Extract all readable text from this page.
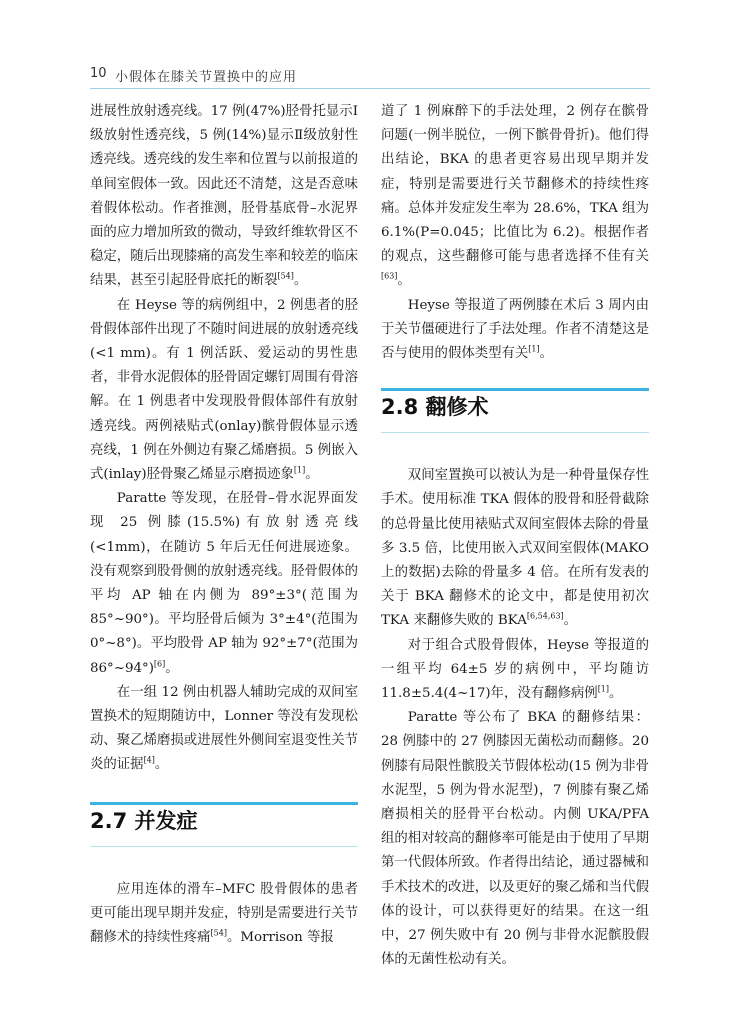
10 小假体在膝关节置换中的应用

进展性放射透亮线。17 例(47%)胫骨托显示Ⅰ级放射性透亮线，5 例(14%)显示Ⅱ级放射性透亮线。透亮线的发生率和位置与以前报道的单间室假体一致。因此还不清楚，这是否意味着假体松动。作者推测，胫骨基底骨–水泥界面的应力增加所致的微动，导致纤维软骨区不稳定，随后出现膝痛的高发生率和较差的临床结果，甚至引起胫骨底托的断裂[54]。

在 Heyse 等的病例组中，2 例患者的胫骨假体部件出现了不随时间进展的放射透亮线(<1 mm)。有 1 例活跃、爱运动的男性患者，非骨水泥假体的胫骨固定螺钉周围有骨溶解。在 1 例患者中发现股骨假体部件有放射透亮线。两例裱贴式(onlay)髌骨假体显示透亮线，1 例在外侧边有聚乙烯磨损。5 例嵌入式(inlay)胫骨聚乙烯显示磨损迹象[1]。

Paratte 等发现，在胫骨–骨水泥界面发现 25 例膝(15.5%)有放射透亮线(<1mm)，在随访 5 年后无任何进展迹象。没有观察到股骨侧的放射透亮线。胫骨假体的平均 AP 轴在内侧为 89°±3°(范围为 85°~90°)。平均胫骨后倾为 3°±4°(范围为 0°~8°)。平均股骨 AP 轴为 92°±7°(范围为 86°~94°)[6]。

在一组 12 例由机器人辅助完成的双间室置换术的短期随访中，Lonner 等没有发现松动、聚乙烯磨损或进展性外侧间室退变性关节炎的证据[4]。

2.7 并发症

应用连体的滑车–MFC 股骨假体的患者更可能出现早期并发症，特别是需要进行关节翻修术的持续性疼痛[54]。Morrison 等报

道了 1 例麻醉下的手法处理，2 例存在髌骨问题(一例半脱位，一例下髌骨骨折)。他们得出结论，BKA 的患者更容易出现早期并发症，特别是需要进行关节翻修术的持续性疼痛。总体并发症发生率为 28.6%，TKA 组为 6.1%(P=0.045；比值比为 6.2)。根据作者的观点，这些翻修可能与患者选择不佳有关[63]。

Heyse 等报道了两例膝在术后 3 周内由于关节僵硬进行了手法处理。作者不清楚这是否与使用的假体类型有关[1]。

2.8 翻修术

双间室置换可以被认为是一种骨量保存性手术。使用标准 TKA 假体的股骨和胫骨截除的总骨量比使用裱贴式双间室假体去除的骨量多 3.5 倍，比使用嵌入式双间室假体(MAKO 上的数据)去除的骨量多 4 倍。在所有发表的关于 BKA 翻修术的论文中，都是使用初次 TKA 来翻修失败的 BKA[6,54,63]。

对于组合式股骨假体，Heyse 等报道的一组平均 64±5 岁的病例中，平均随访 11.8±5.4(4~17)年，没有翻修病例[1]。

Paratte 等公布了 BKA 的翻修结果：28 例膝中的 27 例膝因无菌松动而翻修。20 例膝有局限性髌股关节假体松动(15 例为非骨水泥型，5 例为骨水泥型)，7 例膝有聚乙烯磨损相关的胫骨平台松动。内侧 UKA/PFA 组的相对较高的翻修率可能是由于使用了早期第一代假体所致。作者得出结论，通过器械和手术技术的改进，以及更好的聚乙烯和当代假体的设计，可以获得更好的结果。在这一组中，27 例失败中有 20 例与非骨水泥髌股假体的无菌性松动有关。
